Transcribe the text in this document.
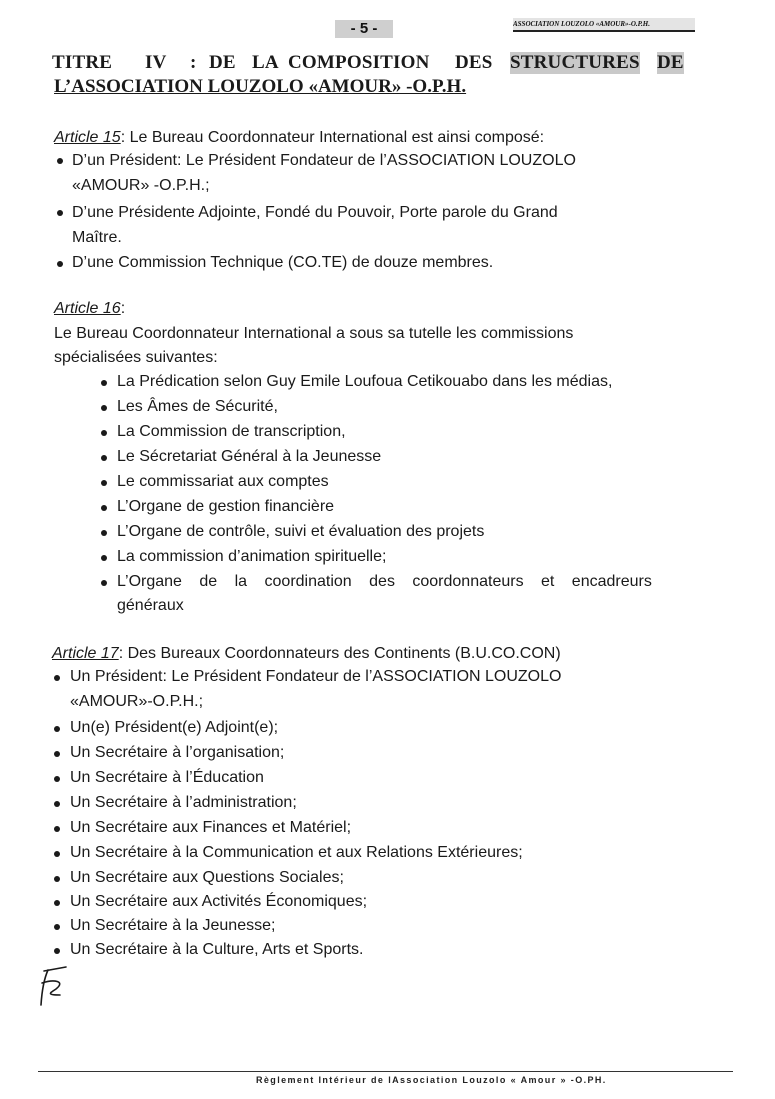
- 5 -	ASSOCIATION LOUZOLO «AMOUR»-O.P.H.
TITRE IV : DE LA COMPOSITION DES STRUCTURES DE
L’ASSOCIATION LOUZOLO «AMOUR» -O.P.H.
Article 15: Le Bureau Coordonnateur International est ainsi composé:
D’un Président: Le Président Fondateur de l’ASSOCIATION LOUZOLO
«AMOUR» -O.P.H.;
D’une Présidente Adjointe, Fondé du Pouvoir, Porte parole du Grand
Maître.
D’une Commission Technique (CO.TE) de douze membres.
Article 16:
Le Bureau Coordonnateur International a sous sa tutelle les commissions
spécialisées suivantes:
La Prédication selon Guy Emile Loufoua Cetikouabo dans les médias,
Les Âmes de Sécurité,
La Commission de transcription,
Le Sécretariat Général à la Jeunesse
Le commissariat aux comptes
L’Organe de gestion financière
L’Organe de contrôle, suivi et évaluation des projets
La commission d’animation spirituelle;
L’Organe de la coordination des coordonnateurs et encadreurs
généraux
Article 17: Des Bureaux Coordonnateurs des Continents (B.U.CO.CON)
Un Président: Le Président Fondateur de l’ASSOCIATION LOUZOLO
«AMOUR»-O.P.H.;
Un(e) Président(e) Adjoint(e);
Un Secrétaire à l’organisation;
Un Secrétaire à l’Éducation
Un Secrétaire à l’administration;
Un Secrétaire aux Finances et Matériel;
Un Secrétaire à la Communication et aux Relations Extérieures;
Un Secrétaire aux Questions Sociales;
Un Secrétaire aux Activités Économiques;
Un Secrétaire à la Jeunesse;
Un Secrétaire à la Culture, Arts et Sports.
Règlement Intérieur de lAssociation Louzolo « Amour » -O.PH.
